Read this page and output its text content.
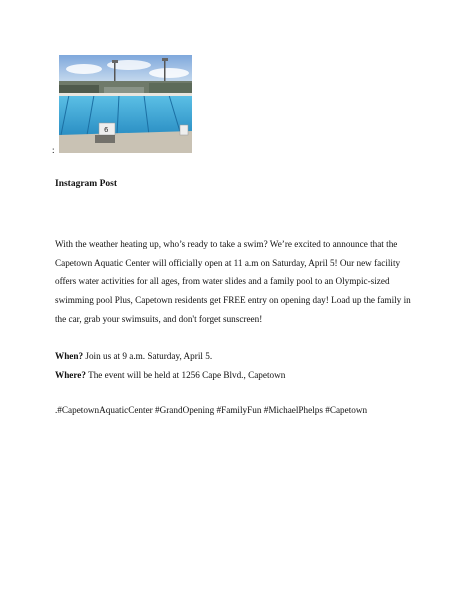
6
:
Instagram Post
With the weather heating up, who’s ready to take a swim? We’re excited to announce that the
Capetown Aquatic Center will officially open at 11 a.m on Saturday, April 5! Our new facility
offers water activities for all ages, from water slides and a family pool to an Olympic-sized
swimming pool Plus, Capetown residents get FREE entry on opening day! Load up the family in
the car, grab your swimsuits, and don't forget sunscreen!
When? Join us at 9 a.m. Saturday, April 5.
Where? The event will be held at 1256 Cape Blvd., Capetown
.#CapetownAquaticCenter #GrandOpening #FamilyFun #MichaelPhelps #Capetown
